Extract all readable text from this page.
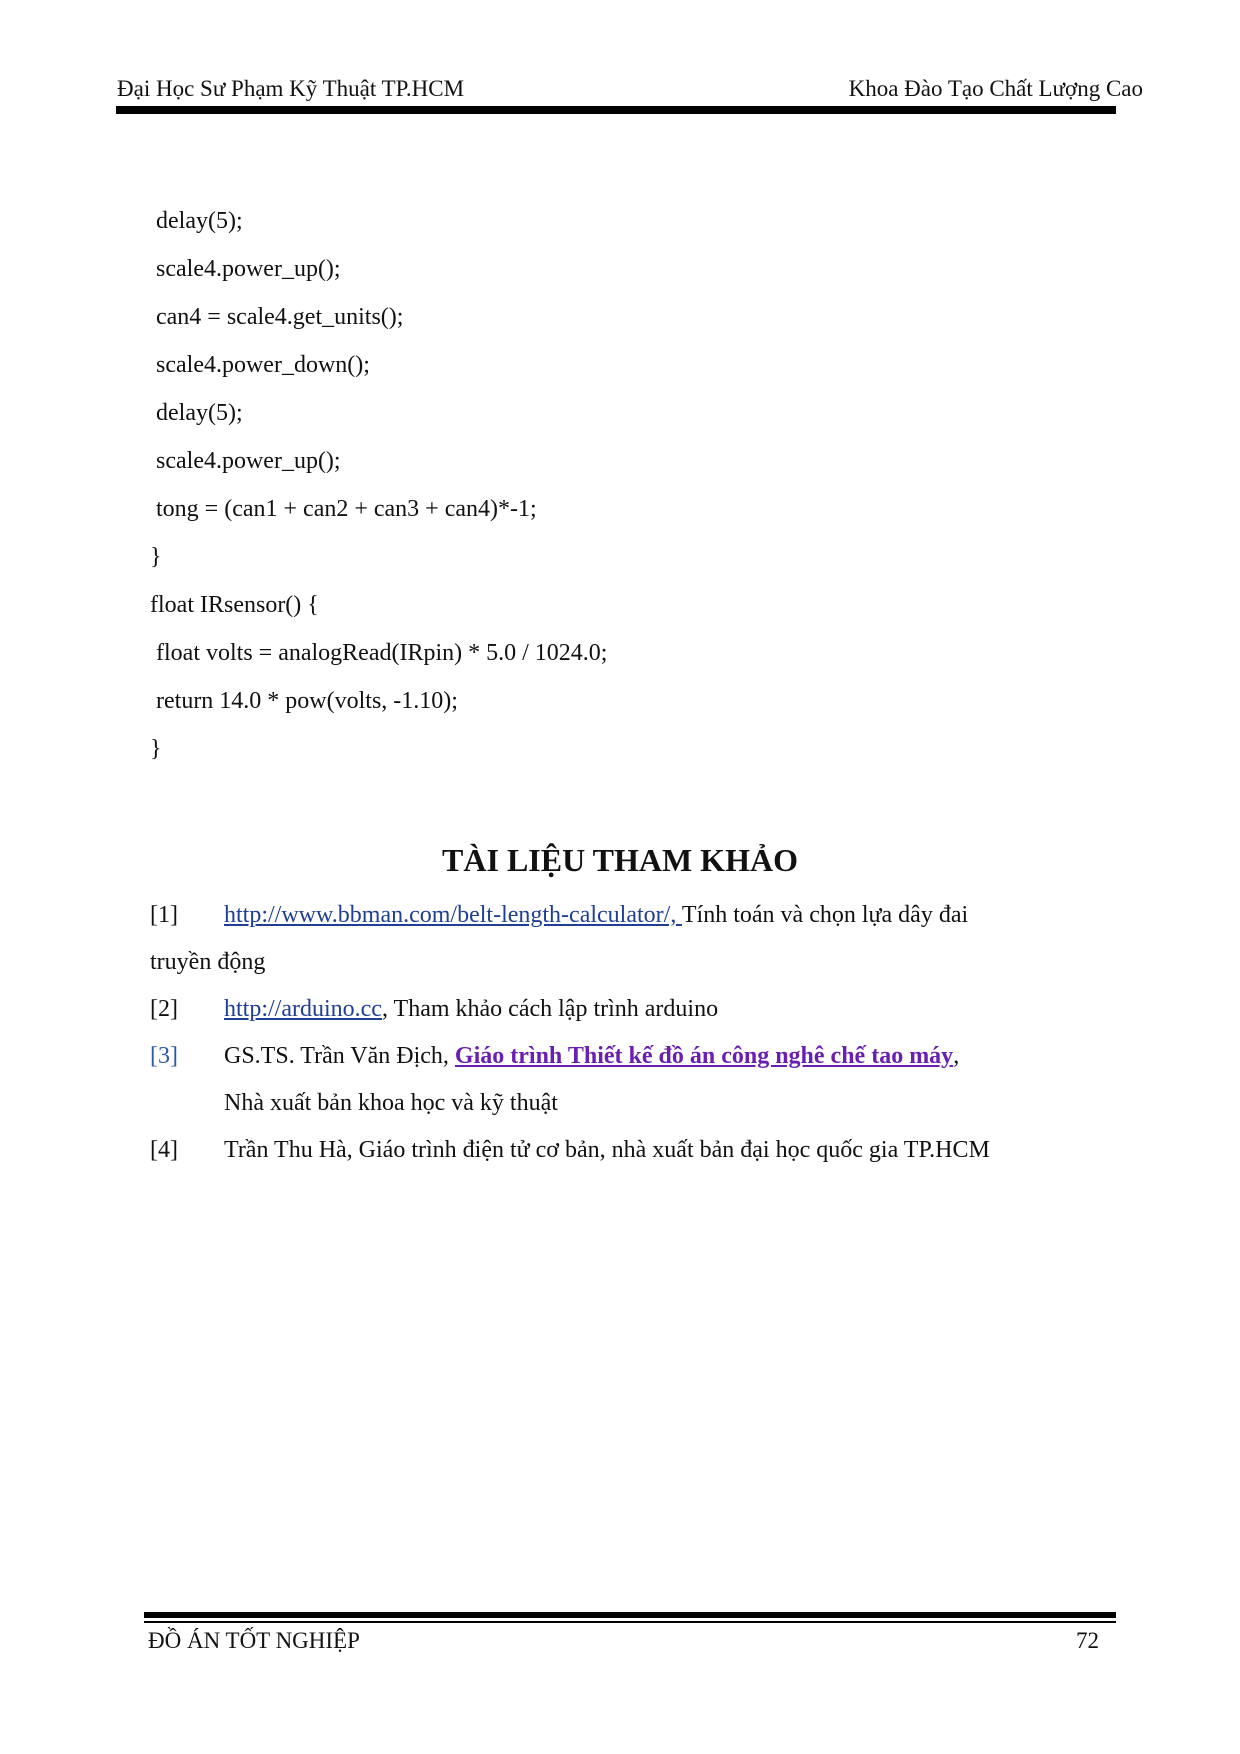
Đại Học Sư Phạm Kỹ Thuật TP.HCM	Khoa Đào Tạo Chất Lượng Cao
delay(5);
scale4.power_up();
can4 = scale4.get_units();
scale4.power_down();
delay(5);
scale4.power_up();
tong = (can1 + can2 + can3 + can4)*-1;
}
float IRsensor() {
float volts = analogRead(IRpin) * 5.0 / 1024.0;
return 14.0 * pow(volts, -1.10);
}
TÀI LIỆU THAM KHẢO
[1] http://www.bbman.com/belt-length-calculator/, Tính toán và chọn lựa dây đai
truyền động
[2] http://arduino.cc, Tham khảo cách lập trình arduino
[3] GS.TS. Trần Văn Địch, Giáo trình Thiết kế đồ án công nghê chế tao máy,
Nhà xuất bản khoa học và kỹ thuật
[4] Trần Thu Hà, Giáo trình điện tử cơ bản, nhà xuất bản đại học quốc gia TP.HCM
ĐỒ ÁN TỐT NGHIỆP	72
